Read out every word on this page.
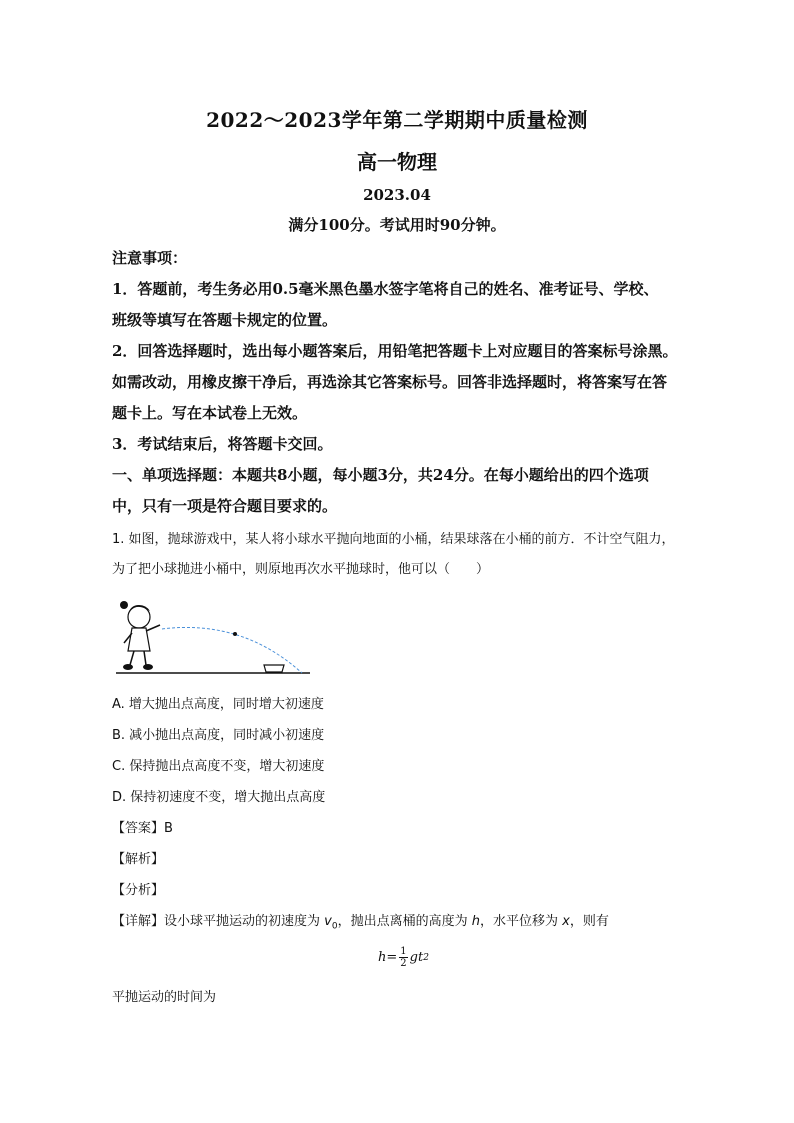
2022～2023学年第二学期期中质量检测
高一物理
2023.04
满分100分。考试用时90分钟。
注意事项：
1．答题前，考生务必用0.5毫米黑色墨水签字笔将自己的姓名、准考证号、学校、
班级等填写在答题卡规定的位置。
2．回答选择题时，选出每小题答案后，用铅笔把答题卡上对应题目的答案标号涂黑。
如需改动，用橡皮擦干净后，再选涂其它答案标号。回答非选择题时，将答案写在答
题卡上。写在本试卷上无效。
3．考试结束后，将答题卡交回。
一、单项选择题：本题共8小题，每小题3分，共24分。在每小题给出的四个选项
中，只有一项是符合题目要求的。
1. 如图，抛球游戏中，某人将小球水平抛向地面的小桶，结果球落在小桶的前方．不计空气阻力，
为了把小球抛进小桶中，则原地再次水平抛球时，他可以（　　）
A. 增大抛出点高度，同时增大初速度
B. 减小抛出点高度，同时减小初速度
C. 保持抛出点高度不变，增大初速度
D. 保持初速度不变，增大抛出点高度
【答案】B
【解析】
【分析】
【详解】设小球平抛运动的初速度为 $v_0$，抛出点离桶的高度为 h，水平位移为 x，则有
$h= \frac{1}{2}$ gt 2
平抛运动的时间为
